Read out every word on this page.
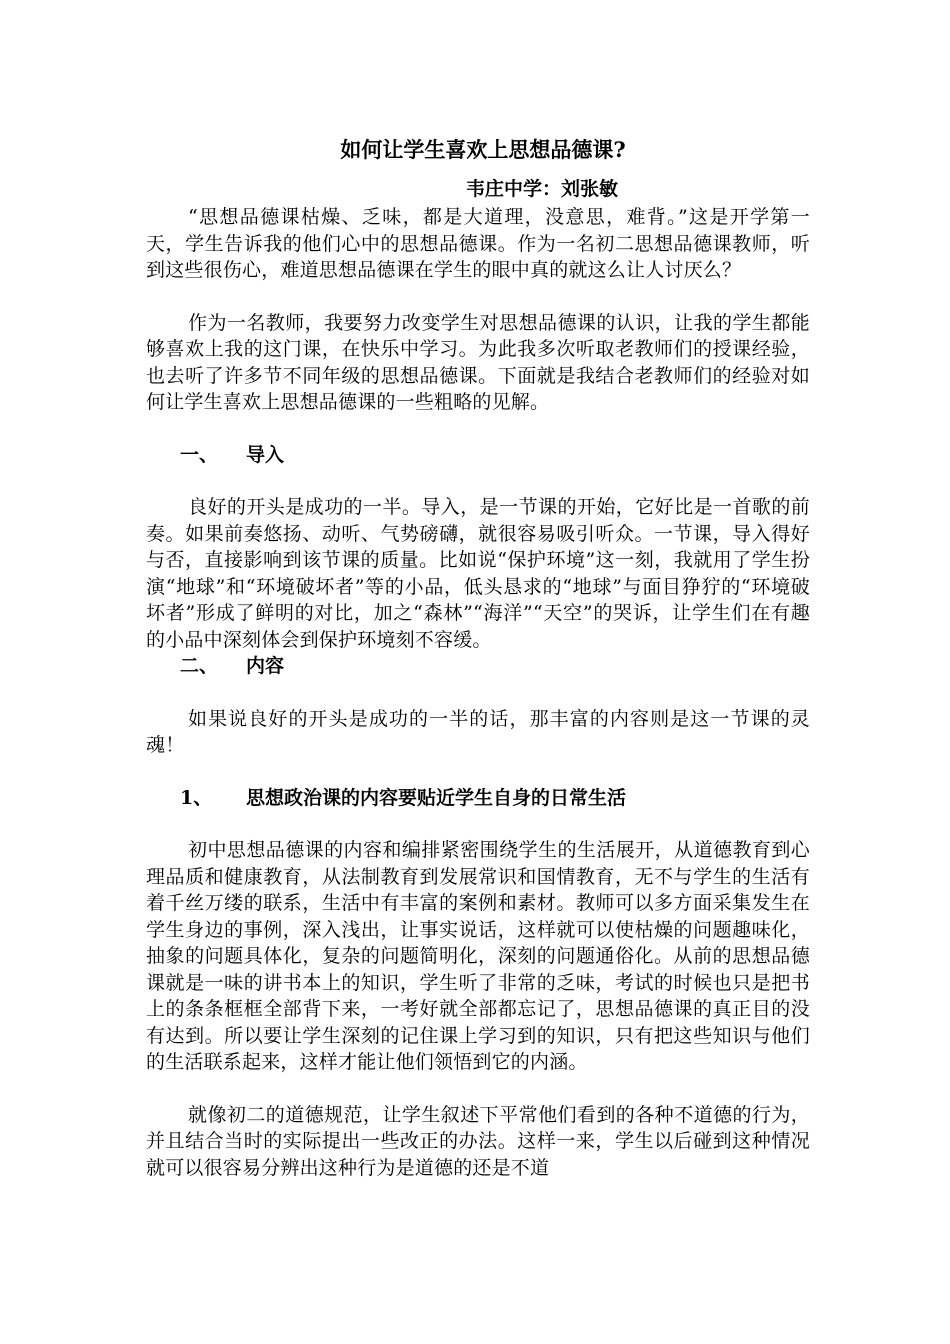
如何让学生喜欢上思想品德课?
韦庄中学：刘张敏

“思想品德课枯燥、乏味，都是大道理，没意思，难背。”这是开学第一天，学生告诉我的他们心中的思想品德课。作为一名初二思想品德课教师，听到这些很伤心，难道思想品德课在学生的眼中真的就这么让人讨厌么？

作为一名教师，我要努力改变学生对思想品德课的认识，让我的学生都能够喜欢上我的这门课，在快乐中学习。为此我多次听取老教师们的授课经验，也去听了许多节不同年级的思想品德课。下面就是我结合老教师们的经验对如何让学生喜欢上思想品德课的一些粗略的见解。

一、	导入

良好的开头是成功的一半。导入，是一节课的开始，它好比是一首歌的前奏。如果前奏悠扬、动听、气势磅礴，就很容易吸引听众。一节课，导入得好与否，直接影响到该节课的质量。比如说“保护环境”这一刻，我就用了学生扮演“地球”和“环境破坏者”等的小品，低头恳求的“地球”与面目狰狞的“环境破坏者”形成了鲜明的对比，加之“森林”“海洋”“天空”的哭诉，让学生们在有趣的小品中深刻体会到保护环境刻不容缓。

二、	内容

如果说良好的开头是成功的一半的话，那丰富的内容则是这一节课的灵魂！

1、	思想政治课的内容要贴近学生自身的日常生活

初中思想品德课的内容和编排紧密围绕学生的生活展开，从道德教育到心理品质和健康教育，从法制教育到发展常识和国情教育，无不与学生的生活有着千丝万缕的联系，生活中有丰富的案例和素材。教师可以多方面采集发生在学生身边的事例，深入浅出，让事实说话，这样就可以使枯燥的问题趣味化，抽象的问题具体化，复杂的问题简明化，深刻的问题通俗化。从前的思想品德课就是一味的讲书本上的知识，学生听了非常的乏味，考试的时候也只是把书上的条条框框全部背下来，一考好就全部都忘记了，思想品德课的真正目的没有达到。所以要让学生深刻的记住课上学习到的知识，只有把这些知识与他们的生活联系起来，这样才能让他们领悟到它的内涵。

就像初二的道德规范，让学生叙述下平常他们看到的各种不道德的行为，并且结合当时的实际提出一些改正的办法。这样一来，学生以后碰到这种情况就可以很容易分辨出这种行为是道德的还是不道
